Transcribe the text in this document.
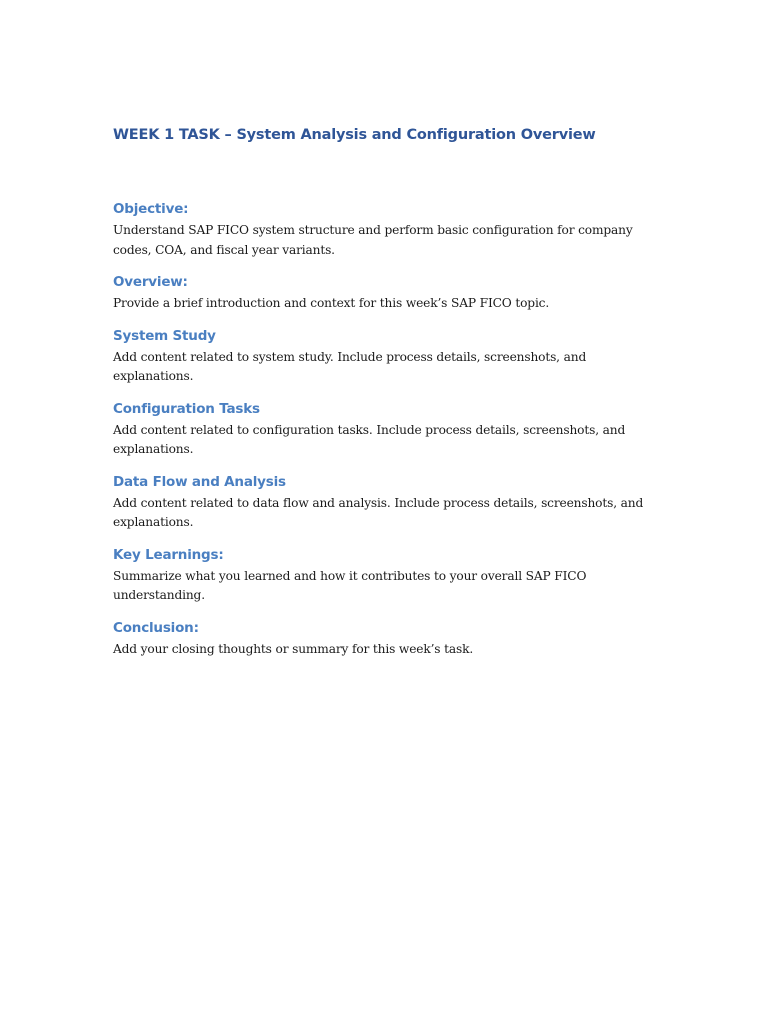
WEEK 1 TASK – System Analysis and Configuration Overview
Objective:

Understand SAP FICO system structure and perform basic configuration for company codes, COA, and fiscal year variants.

Overview:

Provide a brief introduction and context for this week’s SAP FICO topic.

System Study

Add content related to system study. Include process details, screenshots, and explanations.

Configuration Tasks

Add content related to configuration tasks. Include process details, screenshots, and explanations.

Data Flow and Analysis

Add content related to data flow and analysis. Include process details, screenshots, and explanations.

Key Learnings:

Summarize what you learned and how it contributes to your overall SAP FICO understanding.

Conclusion:

Add your closing thoughts or summary for this week’s task.
